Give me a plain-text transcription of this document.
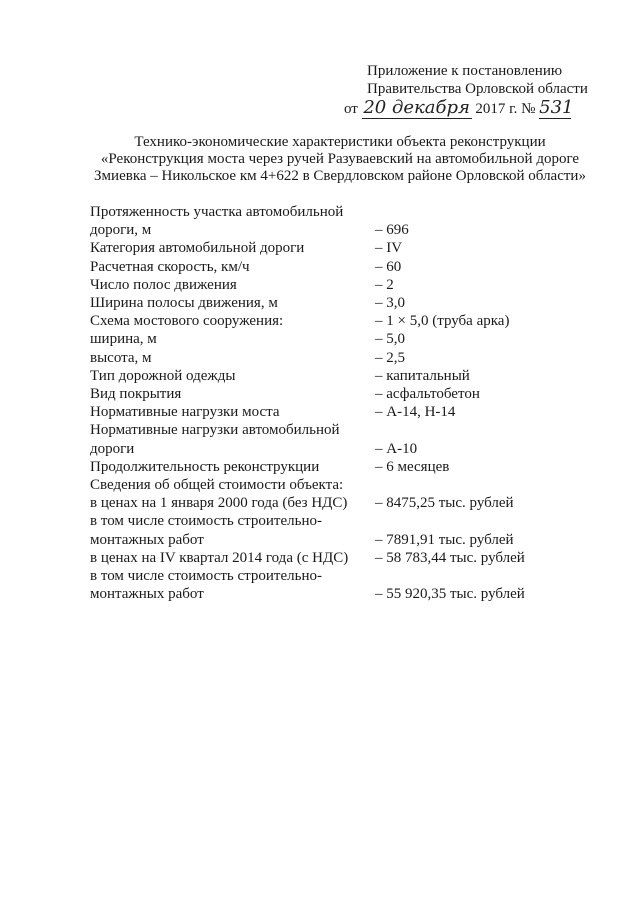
Приложение к постановлению
Правительства Орловской области
от 20 декабря 2017 г. № 531
Технико-экономические характеристики объекта реконструкции
«Реконструкция моста через ручей Разуваевский на автомобильной дороге
Змиевка – Никольское км 4+622 в Свердловском районе Орловской области»
Протяженность участка автомобильной
дороги, м	– 696
Категория автомобильной дороги	– IV
Расчетная скорость, км/ч	– 60
Число полос движения	– 2
Ширина полосы движения, м	– 3,0
Схема мостового сооружения:	– 1 × 5,0 (труба арка)
ширина, м	– 5,0
высота, м	– 2,5
Тип дорожной одежды	– капитальный
Вид покрытия	– асфальтобетон
Нормативные нагрузки моста	– А-14, Н-14
Нормативные нагрузки автомобильной
дороги	– А-10
Продолжительность реконструкции	– 6 месяцев
Сведения об общей стоимости объекта:
в ценах на 1 января 2000 года (без НДС)	– 8475,25 тыс. рублей
в том числе стоимость строительно-
монтажных работ	– 7891,91 тыс. рублей
в ценах на IV квартал 2014 года (с НДС)	– 58 783,44 тыс. рублей
в том числе стоимость строительно-
монтажных работ	– 55 920,35 тыс. рублей
